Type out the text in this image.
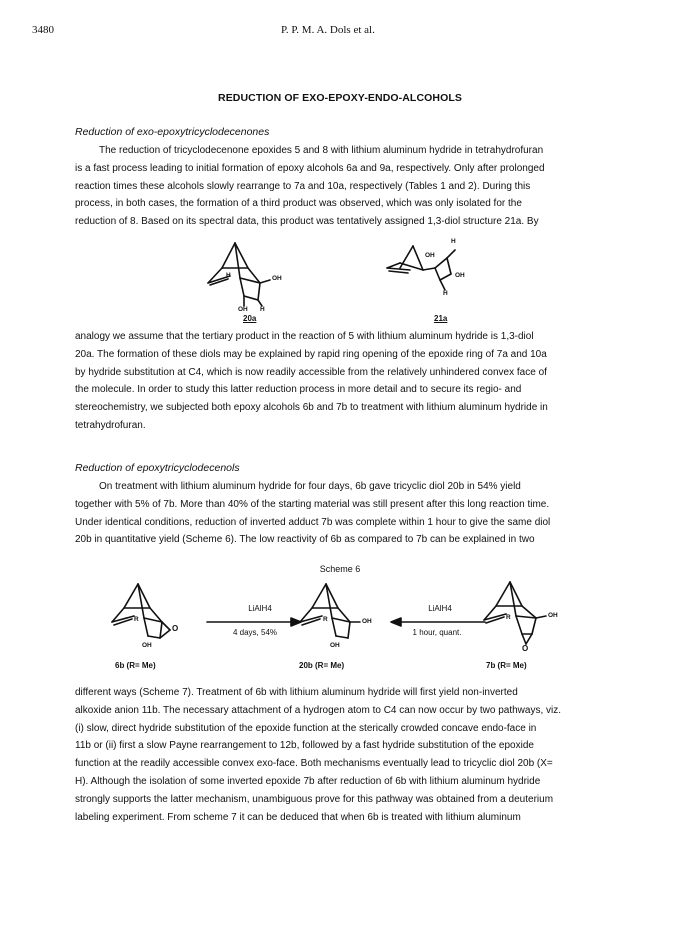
3480	P. P. M. A. Dols et al.
REDUCTION OF EXO-EPOXY-ENDO-ALCOHOLS
Reduction of exo-epoxytricyclodecenones

The reduction of tricyclodecenone epoxides 5 and 8 with lithium aluminum hydride in tetrahydrofuran

is a fast process leading to initial formation of epoxy alcohols 6a and 9a, respectively. Only after prolonged

reaction times these alcohols slowly rearrange to 7a and 10a, respectively (Tables 1 and 2). During this

process, in both cases, the formation of a third product was observed, which was only isolated for the

reduction of 8. Based on its spectral data, this product was tentatively assigned 1,3-diol structure 21a. By

H	OH
OH H
20a
H
OH
OH
H
21a

analogy we assume that the tertiary product in the reaction of 5 with lithium aluminum hydride is 1,3-diol

20a. The formation of these diols may be explained by rapid ring opening of the epoxide ring of 7a and 10a

by hydride substitution at C4, which is now readily accessible from the relatively unhindered convex face of

the molecule. In order to study this latter reduction process in more detail and to secure its regio- and

stereochemistry, we subjected both epoxy alcohols 6b and 7b to treatment with lithium aluminum hydride in

tetrahydrofuran.

Reduction of epoxytricyclodecenols

On treatment with lithium aluminum hydride for four days, 6b gave tricyclic diol 20b in 54% yield

together with 5% of 7b. More than 40% of the starting material was still present after this long reaction time.

Under identical conditions, reduction of inverted adduct 7b was complete within 1 hour to give the same diol

20b in quantitative yield (Scheme 6). The low reactivity of 6b as compared to 7b can be explained in two

Scheme 6
R
O
OH
6b (R= Me)
LiAlH4
4 days, 54%
R	OH
OH
20b (R= Me)
LiAlH4
1 hour, quant.
R	OH
O
7b (R= Me)

different ways (Scheme 7). Treatment of 6b with lithium aluminum hydride will first yield non-inverted

alkoxide anion 11b. The necessary attachment of a hydrogen atom to C4 can now occur by two pathways, viz.

(i) slow, direct hydride substitution of the epoxide function at the sterically crowded concave endo-face in

11b or (ii) first a slow Payne rearrangement to 12b, followed by a fast hydride substitution of the epoxide

function at the readily accessible convex exo-face. Both mechanisms eventually lead to tricyclic diol 20b (X=

H). Although the isolation of some inverted epoxide 7b after reduction of 6b with lithium aluminum hydride

strongly supports the latter mechanism, unambiguous prove for this pathway was obtained from a deuterium

labeling experiment. From scheme 7 it can be deduced that when 6b is treated with lithium aluminum
